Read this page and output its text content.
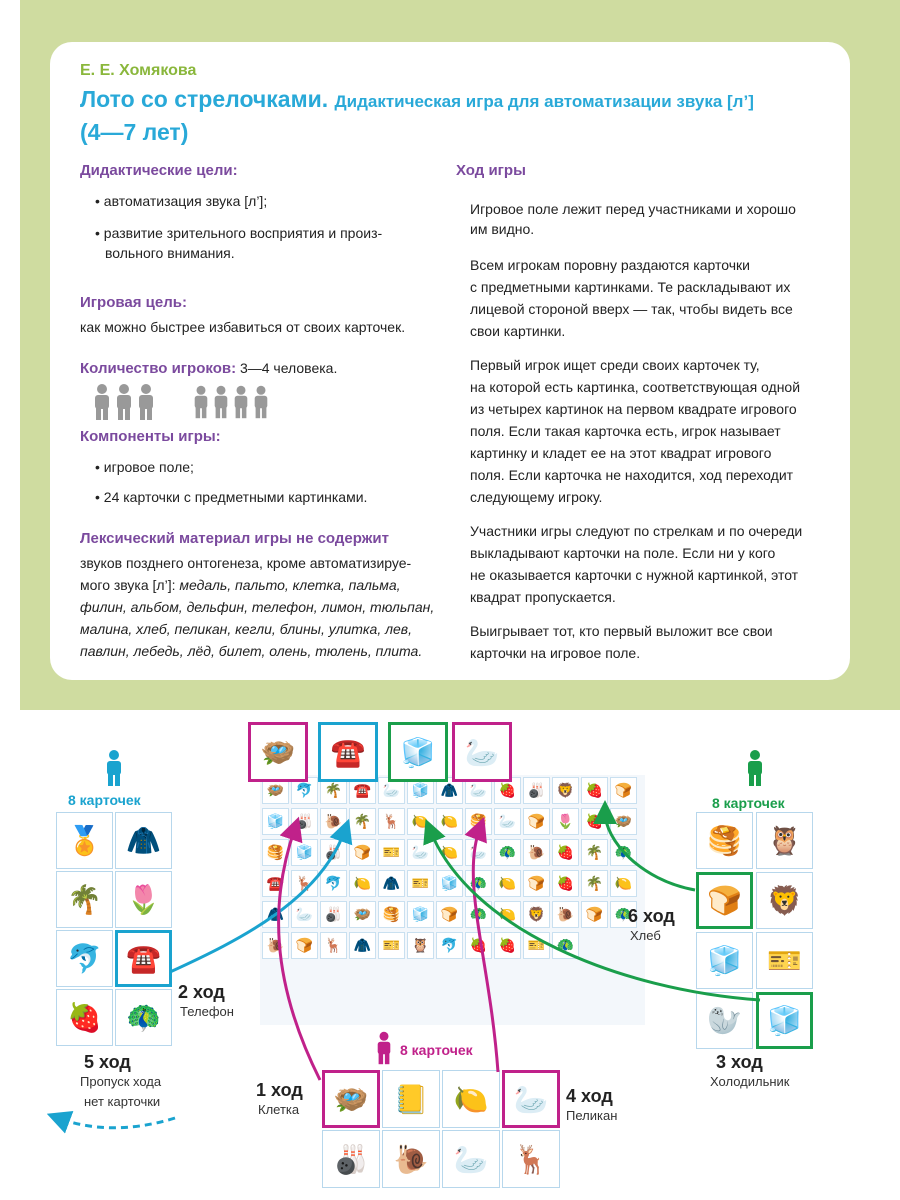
Е. Е. Хомякова
Лото со стрелочками. Дидактическая игра для автоматизации звука [л’]
(4—7 лет)
Дидактические цели:
• автоматизация звука [л’];
• развитие зрительного восприятия и произ-
вольного внимания.
Игровая цель:
как можно быстрее избавиться от своих карточек.
Количество игроков: 3—4 человека.
Компоненты игры:
• игровое поле;
• 24 карточки с предметными картинками.
Лексический материал игры не содержит
звуков позднего онтогенеза, кроме автоматизируе-
мого звука [л’]: медаль, пальто, клетка, пальма,
филин, альбом, дельфин, телефон, лимон, тюльпан,
малина, хлеб, пеликан, кегли, блины, улитка, лев,
павлин, лебедь, лёд, билет, олень, тюлень, плита.
Ход игры
Игровое поле лежит перед участниками и хорошо
им видно.
Всем игрокам поровну раздаются карточки
с предметными картинками. Те раскладывают их
лицевой стороной вверх — так, чтобы видеть все
свои картинки.
Первый игрок ищет среди своих карточек ту,
на которой есть картинка, соответствующая одной
из четырех картинок на первом квадрате игрового
поля. Если такая карточка есть, игрок называет
картинку и кладет ее на этот квадрат игрового
поля. Если карточка не находится, ход переходит
следующему игроку.
Участники игры следуют по стрелкам и по очереди
выкладывают карточки на поле. Если ни у кого
не оказывается карточки с нужной картинкой, этот
квадрат пропускается.
Выигрывает тот, кто первый выложит все свои
карточки на игровое поле.
🪺 🐬 🌴 ☎️ 🦢 🧊 🧥 🦢 🍓 🎳 🦁 🍓 🍞
🧊 🎳 🐌 🌴 🦌 🍋 🍋 🥞 🦢 🍞 🌷 🍓 🪺
🥞 🧊 🎳 🍞 🎫 🦢 🍋 🦢 🦚 🐌 🍓 🌴 🦚
☎️ 🦌 🐬 🍋 🧥 🎫 🧊 🦚 🍋 🍞 🍓 🌴 🍋
🧥 🦢 🎳 🪺 🥞 🧊 🍞 🦚 🍋 🦁 🐌 🍞 🦚
🐌 🍞 🦌 🧥 🎫 🦉 🐬 🍓 🍓 🎫 🦚
🪺 ☎️ 🧊 🦢
8 карточек
🏅 🧥
🌴 🌷
🐬 ☎️
🍓 🦚
8 карточек
🥞 🦉
🍞 🦁
🧊 🎫
🦭 🧊
8 карточек
🪺 📒 🍋 🦢
🎳 🐌 🦢 🦌
2 ход
Телефон
6 ход
Хлеб
3 ход
Холодильник
5 ход
Пропуск хода
нет карточки
1 ход
Клетка
4 ход
Пеликан
